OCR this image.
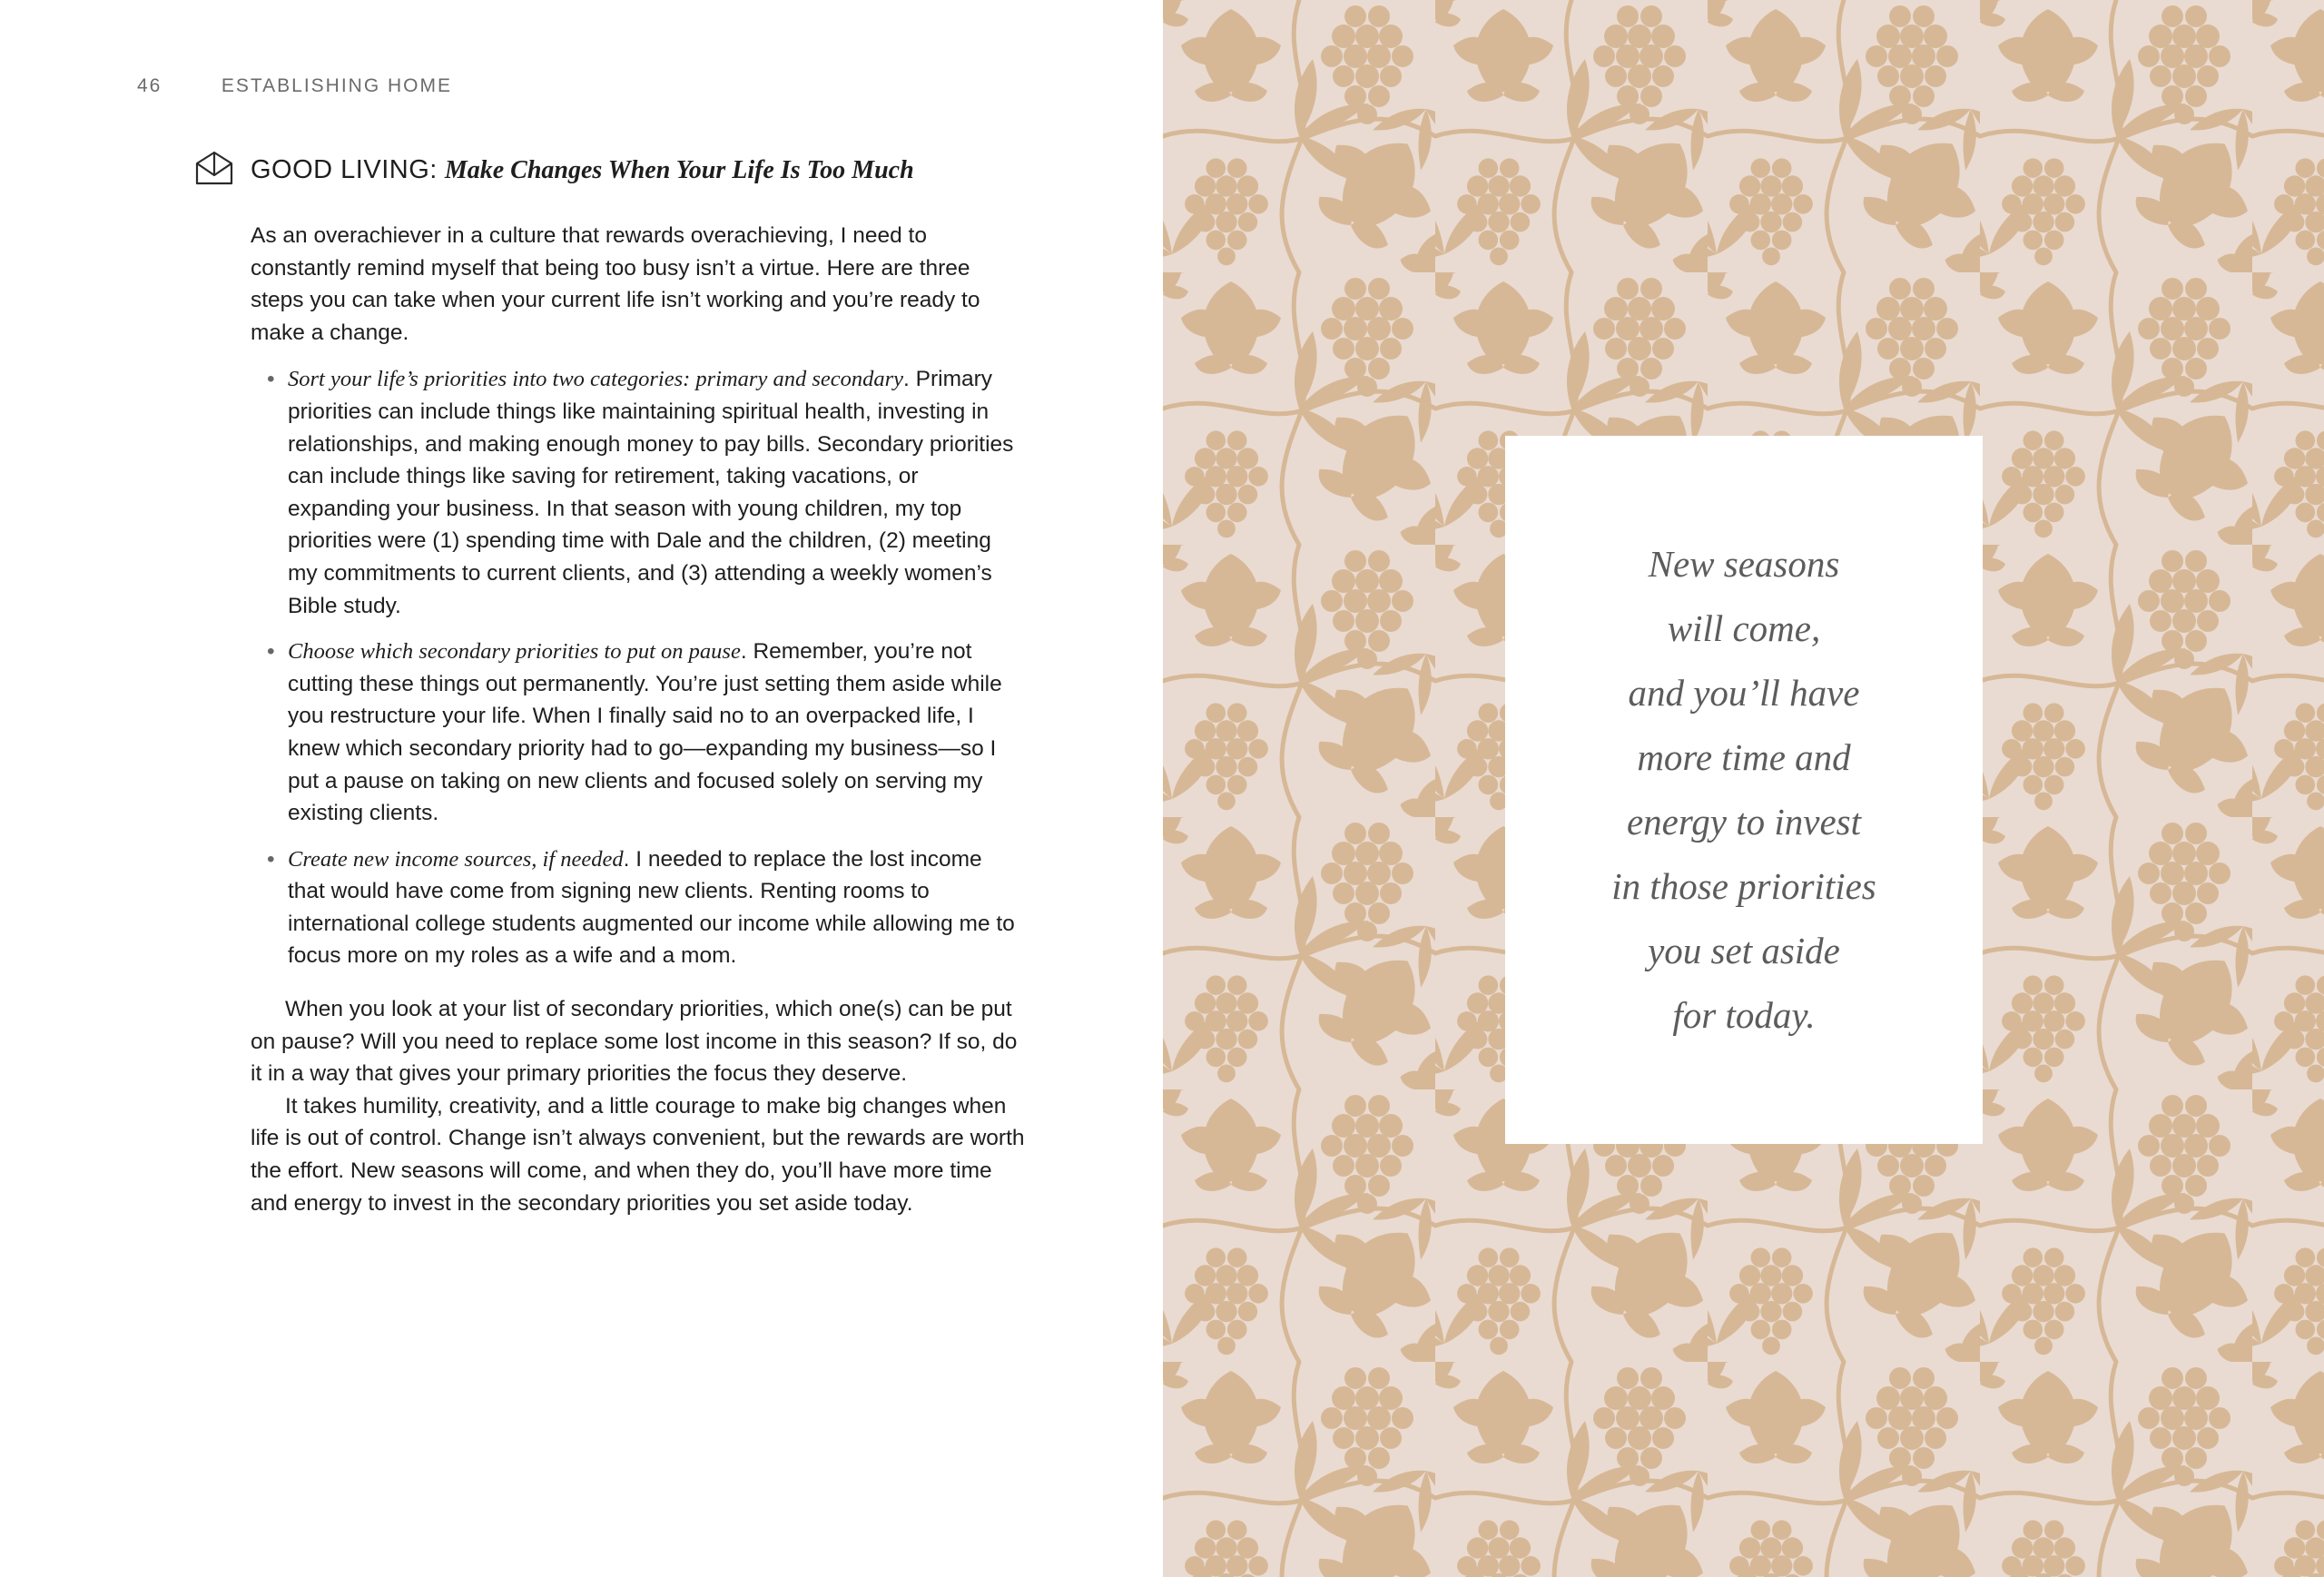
46	ESTABLISHING HOME
GOOD LIVING: Make Changes When Your Life Is Too Much

As an overachiever in a culture that rewards overachieving, I need to constantly remind myself that being too busy isn’t a virtue. Here are three steps you can take when your current life isn’t working and you’re ready to make a change.

• Sort your life’s priorities into two categories: primary and secondary. Primary priorities can include things like maintaining spiritual health, investing in relationships, and making enough money to pay bills. Secondary priorities can include things like saving for retirement, taking vacations, or expanding your business. In that season with young children, my top priorities were (1) spending time with Dale and the children, (2) meeting my commitments to current clients, and (3) attending a weekly women’s Bible study.
• Choose which secondary priorities to put on pause. Remember, you’re not cutting these things out permanently. You’re just setting them aside while you restructure your life. When I finally said no to an overpacked life, I knew which secondary priority had to go—expanding my business—so I put a pause on taking on new clients and focused solely on serving my existing clients.
• Create new income sources, if needed. I needed to replace the lost income that would have come from signing new clients. Renting rooms to international college students augmented our income while allowing me to focus more on my roles as a wife and a mom.

When you look at your list of secondary priorities, which one(s) can be put on pause? Will you need to replace some lost income in this season? If so, do it in a way that gives your primary priorities the focus they deserve.

It takes humility, creativity, and a little courage to make big changes when life is out of control. Change isn’t always convenient, but the rewards are worth the effort. New seasons will come, and when they do, you’ll have more time and energy to invest in the secondary priorities you set aside today.

New seasons
will come,
and you’ll have
more time and
energy to invest
in those priorities
you set aside
for today.
